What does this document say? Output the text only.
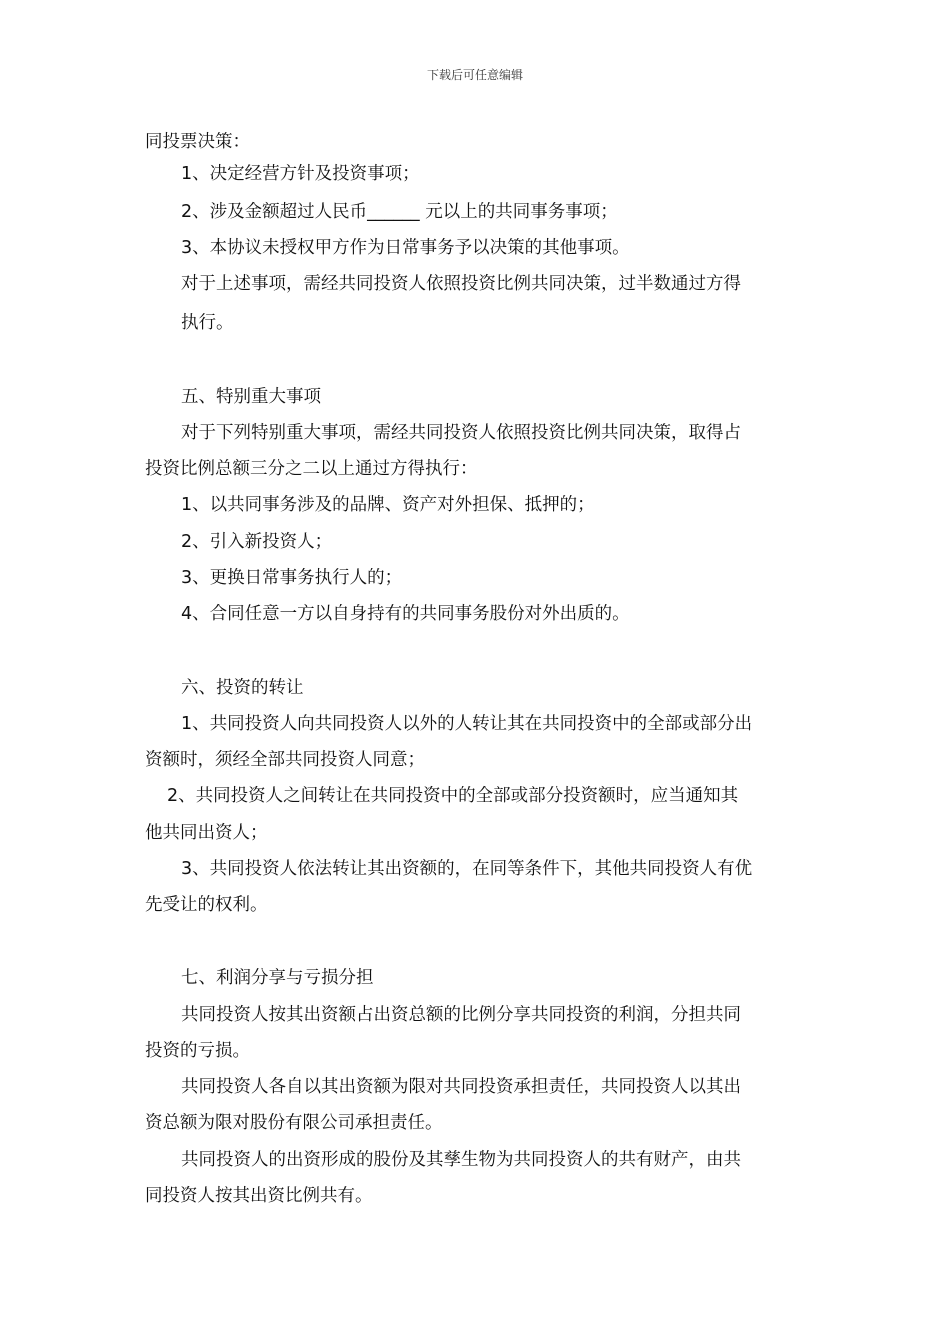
下载后可任意编辑
同投票决策：
1、决定经营方针及投资事项；
2、涉及金额超过人民币______ 元以上的共同事务事项；
3、本协议未授权甲方作为日常事务予以决策的其他事项。
对于上述事项，需经共同投资人依照投资比例共同决策，过半数通过方得
执行。
五、特别重大事项
对于下列特别重大事项，需经共同投资人依照投资比例共同决策，取得占
投资比例总额三分之二以上通过方得执行：
1、以共同事务涉及的品牌、资产对外担保、抵押的；
2、引入新投资人；
3、更换日常事务执行人的；
4、合同任意一方以自身持有的共同事务股份对外出质的。
六、投资的转让
1、共同投资人向共同投资人以外的人转让其在共同投资中的全部或部分出
资额时，须经全部共同投资人同意；
2、共同投资人之间转让在共同投资中的全部或部分投资额时，应当通知其
他共同出资人；
3、共同投资人依法转让其出资额的，在同等条件下，其他共同投资人有优
先受让的权利。
七、利润分享与亏损分担
共同投资人按其出资额占出资总额的比例分享共同投资的利润，分担共同
投资的亏损。
共同投资人各自以其出资额为限对共同投资承担责任，共同投资人以其出
资总额为限对股份有限公司承担责任。
共同投资人的出资形成的股份及其孳生物为共同投资人的共有财产，由共
同投资人按其出资比例共有。
